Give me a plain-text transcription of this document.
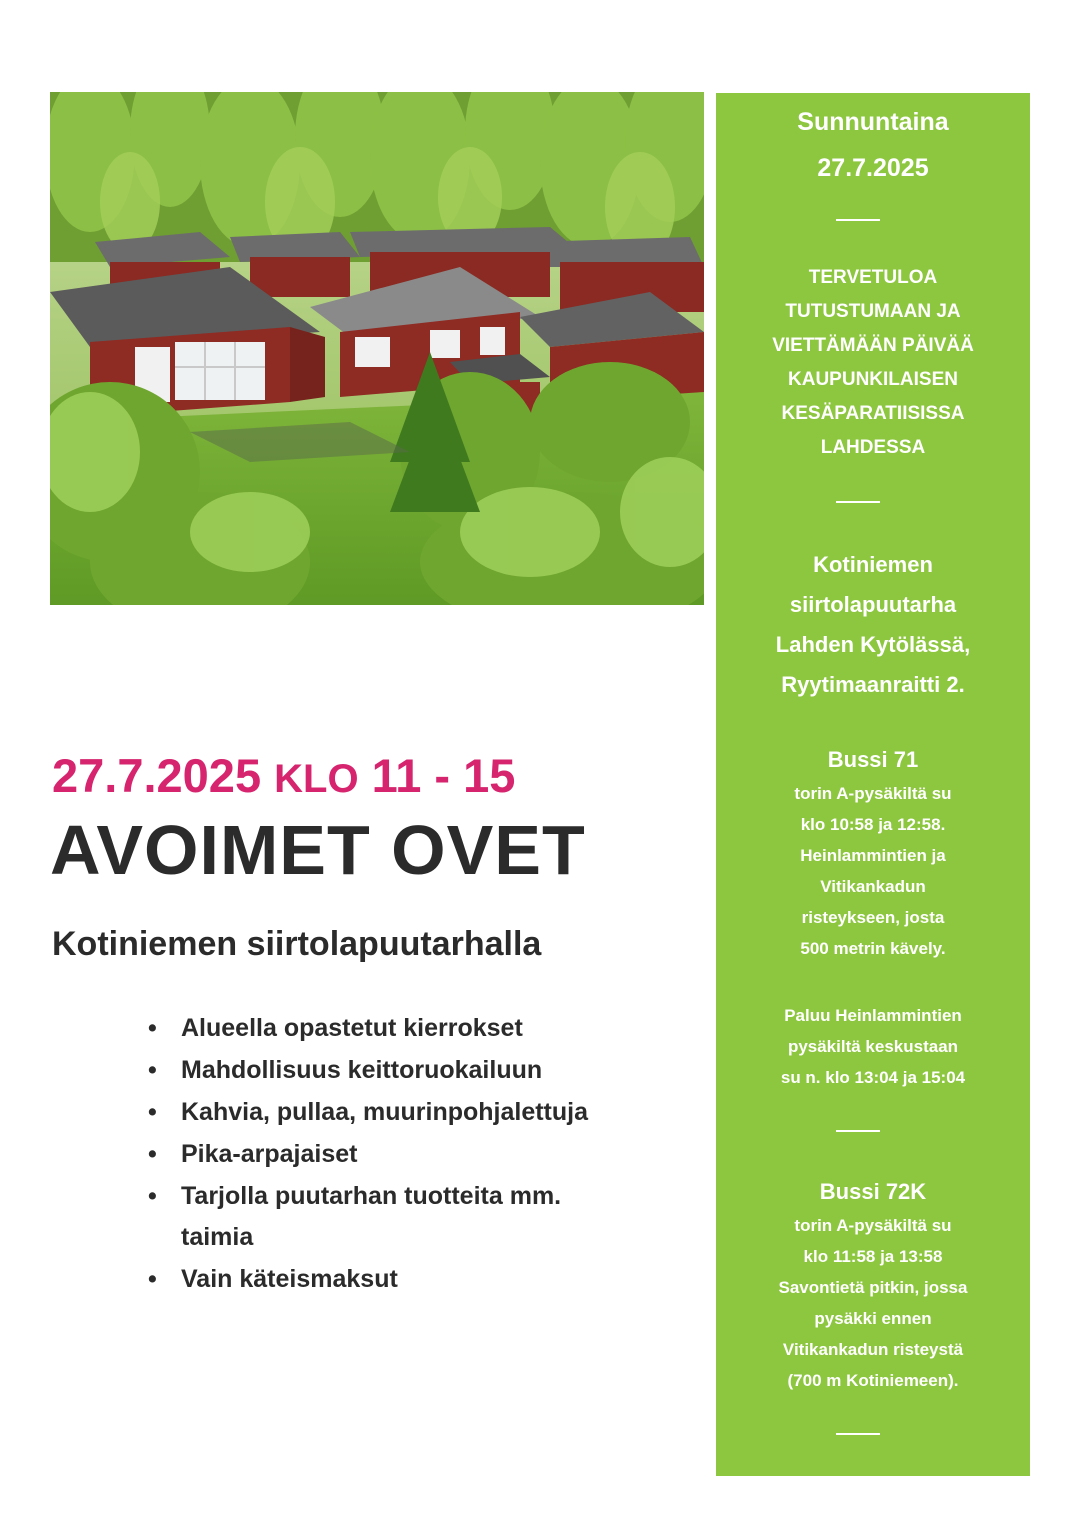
Sunnuntaina
27.7.2025

TERVETULOA
TUTUSTUMAAN JA
VIETTÄMÄÄN PÄIVÄÄ
KAUPUNKILAISEN
KESÄPARATIISISSA
LAHDESSA

Kotiniemen
siirtolapuutarha
Lahden Kytölässä,
Ryytimaanraitti 2.

Bussi 71
torin A-pysäkiltä su
klo 10:58 ja 12:58.
Heinlammintien ja
Vitikankadun
risteykseen, josta
500 metrin kävely.
Paluu Heinlammintien
pysäkiltä keskustaan
su n. klo 13:04 ja 15:04
Bussi 72K
torin A-pysäkiltä su
klo 11:58 ja 13:58
Savontietä pitkin, jossa
pysäkki ennen
Vitikankadun risteystä
(700 m Kotiniemeen).
27.7.2025 KLO 11 - 15
AVOIMET OVET
Kotiniemen siirtolapuutarhalla
• Alueella opastetut kierrokset
• Mahdollisuus keittoruokailuun
• Kahvia, pullaa, muurinpohjalettuja
• Pika-arpajaiset
• Tarjolla puutarhan tuotteita mm. taimia
• Vain käteismaksut
